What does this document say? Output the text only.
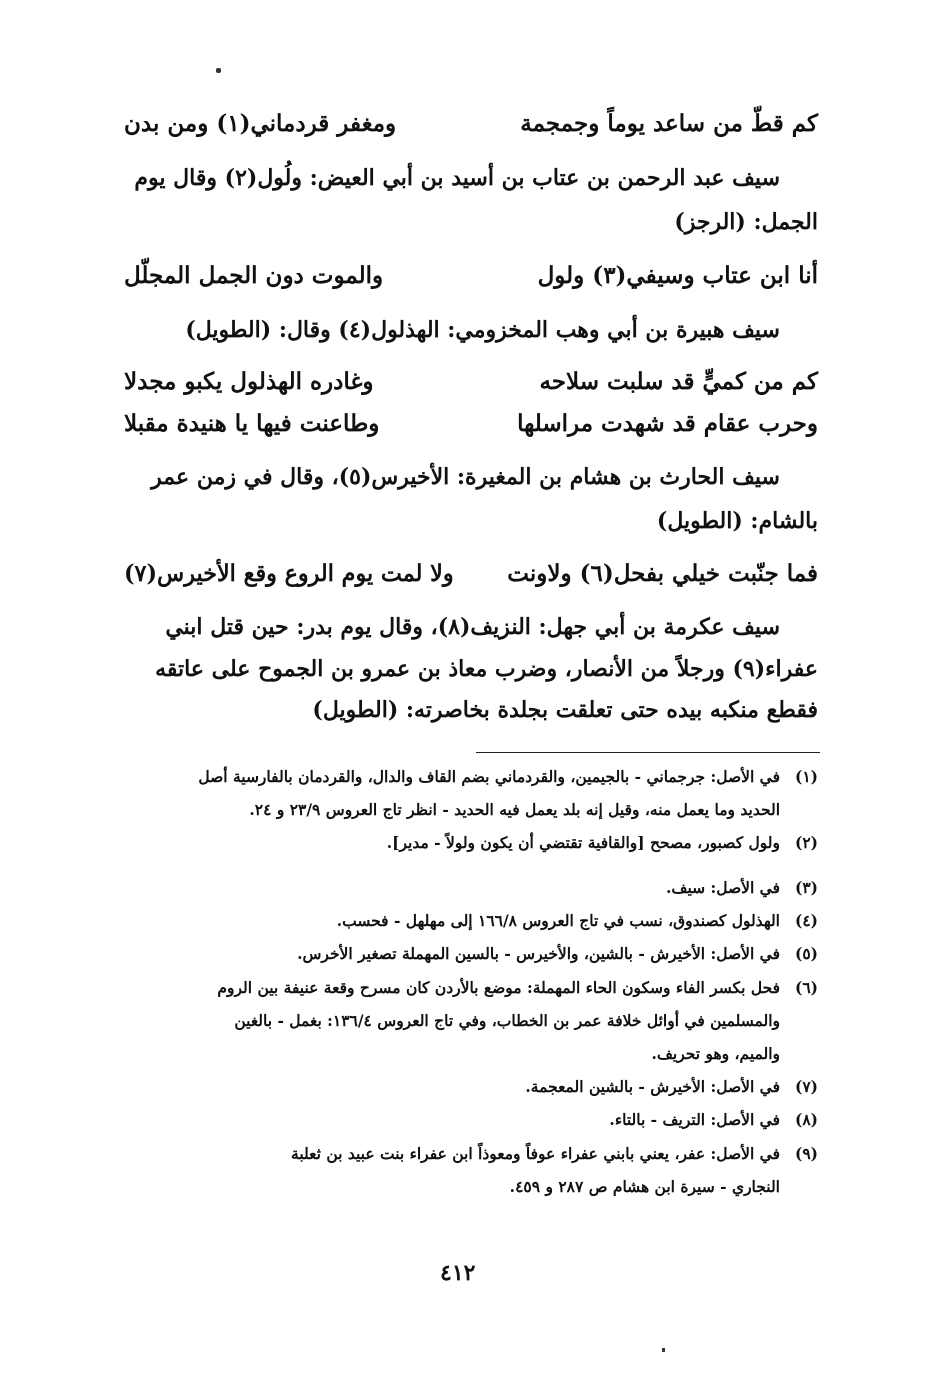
كم قطّ من ساعد يوماً وجمجمة
ومغفر قردماني(١) ومن بدن
سيف عبد الرحمن بن عتاب بن أسيد بن أبي العيض: ولُول(٢) وقال يوم
الجمل: (الرجز)
أنا ابن عتاب وسيفي(٣) ولول
والموت دون الجمل المجلّل
سيف هبيرة بن أبي وهب المخزومي: الهذلول(٤) وقال: (الطويل)
كم من كميٍّ قد سلبت سلاحه
وغادره الهذلول يكبو مجدلا
وحرب عقام قد شهدت مراسلها
وطاعنت فيها يا هنيدة مقبلا
سيف الحارث بن هشام بن المغيرة: الأخيرس(٥)، وقال في زمن عمر
بالشام: (الطويل)
فما جنّبت خيلي بفحل(٦) ولاونت
ولا لمت يوم الروع وقع الأخيرس(٧)
سيف عكرمة بن أبي جهل: النزيف(٨)، وقال يوم بدر: حين قتل ابني
عفراء(٩) ورجلاً من الأنصار، وضرب معاذ بن عمرو بن الجموح على عاتقه
فقطع منكبه بيده حتى تعلقت بجلدة بخاصرته: (الطويل)
(١)
في الأصل: جرجماني - بالجيمين، والقردماني بضم القاف والدال، والقردمان بالفارسية أصل
الحديد وما يعمل منه، وقيل إنه بلد يعمل فيه الحديد - انظر تاج العروس ٢٣/٩ و ٢٤.
(٢)
ولول كصبور، مصحح [والقافية تقتضي أن يكون ولولاً - مدير].
(٣)
في الأصل: سيف.
(٤)
الهذلول كصندوق، نسب في تاج العروس ١٦٦/٨ إلى مهلهل - فحسب.
(٥)
في الأصل: الأخيرش - بالشين، والأخيرس - بالسين المهملة تصغير الأخرس.
(٦)
فحل بكسر الفاء وسكون الحاء المهملة: موضع بالأردن كان مسرح وقعة عنيفة بين الروم
والمسلمين في أوائل خلافة عمر بن الخطاب، وفي تاج العروس ١٣٦/٤: بغمل - بالغين
والميم، وهو تحريف.
(٧)
في الأصل: الأخيرش - بالشين المعجمة.
(٨)
في الأصل: التريف - بالتاء.
(٩)
في الأصل: عفر، يعني بابني عفراء عوفاً ومعوذاً ابن عفراء بنت عبيد بن ثعلبة
النجاري - سيرة ابن هشام ص ٢٨٧ و ٤٥٩.
٤١٢
